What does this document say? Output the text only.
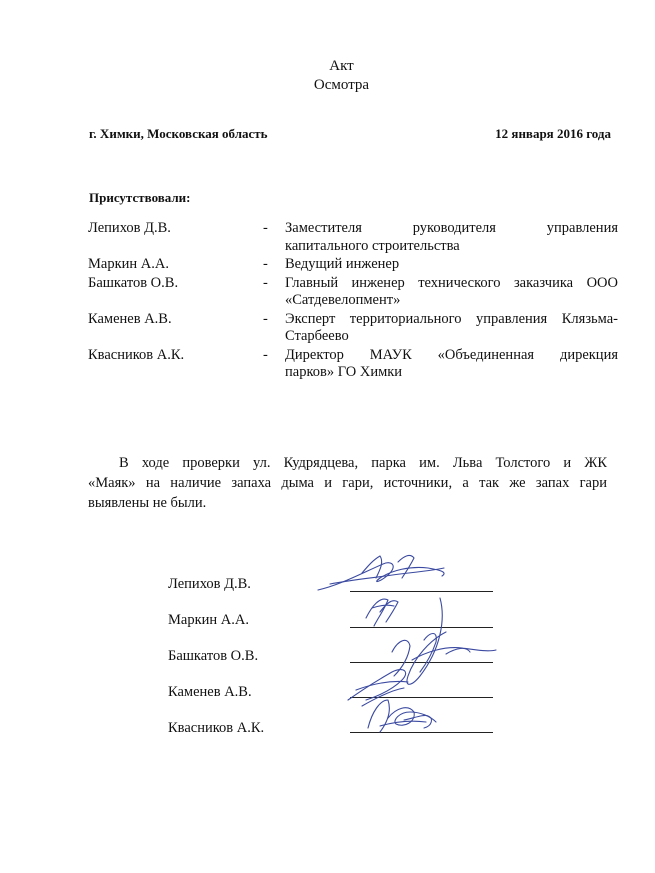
Акт
Осмотра
г. Химки, Московская область	12 января 2016 года
Присутствовали:
Лепихов Д.В.	-	Заместителя руководителя управления
капитального строительства
Маркин А.А.	-	Ведущий инженер
Башкатов О.В.	-	Главный инженер технического заказчика ООО
«Сатдевелопмент»
Каменев А.В.	-	Эксперт территориального управления Клязьма-
Старбеево
Квасников А.К.	-	Директор МАУК «Объединенная дирекция
парков» ГО Химки
В ходе проверки ул. Кудрядцева, парка им. Льва Толстого и ЖК
«Маяк» на наличие запаха дыма и гари, источники, а так же запах гари
выявлены не были.
Лепихов Д.В.
Маркин А.А.
Башкатов О.В.
Каменев А.В.
Квасников А.К.
